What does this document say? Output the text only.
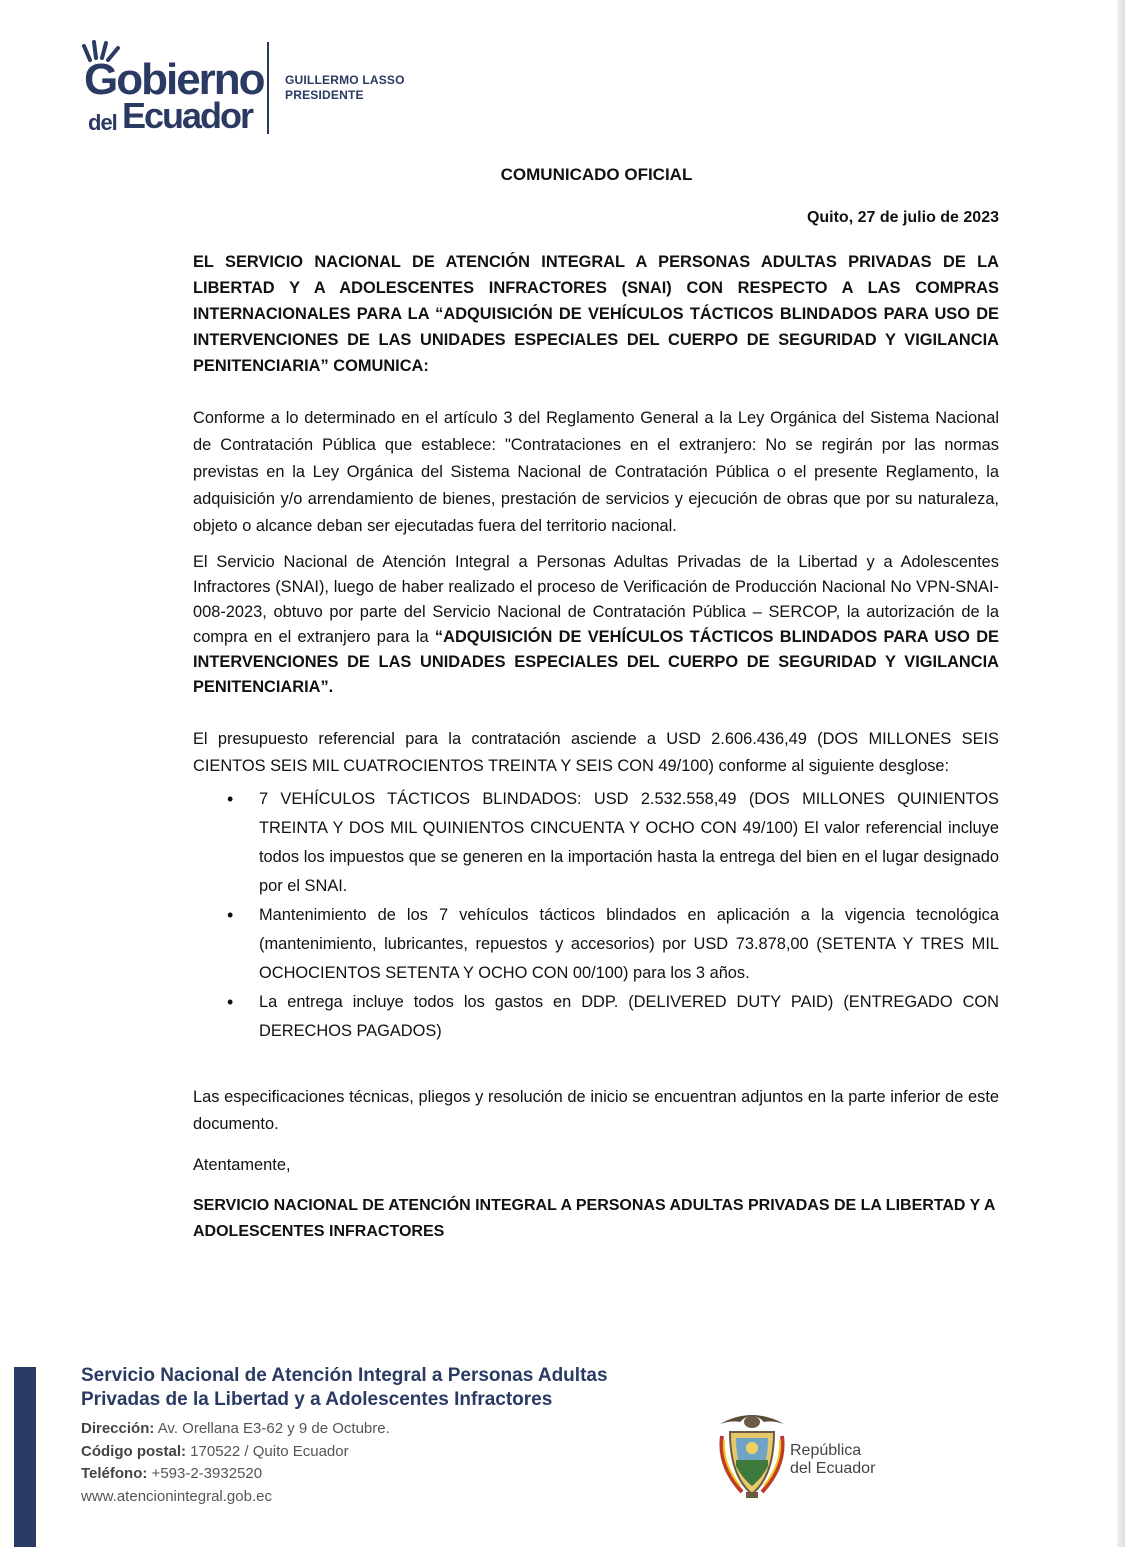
Gobierno
del Ecuador
GUILLERMO LASSO
PRESIDENTE
COMUNICADO OFICIAL
Quito, 27 de julio de 2023

EL SERVICIO NACIONAL DE ATENCIÓN INTEGRAL A PERSONAS ADULTAS PRIVADAS DE LA LIBERTAD Y A ADOLESCENTES INFRACTORES (SNAI) CON RESPECTO A LAS COMPRAS INTERNACIONALES PARA LA “ADQUISICIÓN DE VEHÍCULOS TÁCTICOS BLINDADOS PARA USO DE INTERVENCIONES DE LAS UNIDADES ESPECIALES DEL CUERPO DE SEGURIDAD Y VIGILANCIA PENITENCIARIA” COMUNICA:

Conforme a lo determinado en el artículo 3 del Reglamento General a la Ley Orgánica del Sistema Nacional de Contratación Pública que establece: "Contrataciones en el extranjero: No se regirán por las normas previstas en la Ley Orgánica del Sistema Nacional de Contratación Pública o el presente Reglamento, la adquisición y/o arrendamiento de bienes, prestación de servicios y ejecución de obras que por su naturaleza, objeto o alcance deban ser ejecutadas fuera del territorio nacional.

El Servicio Nacional de Atención Integral a Personas Adultas Privadas de la Libertad y a Adolescentes Infractores (SNAI), luego de haber realizado el proceso de Verificación de Producción Nacional No VPN-SNAI-008-2023, obtuvo por parte del Servicio Nacional de Contratación Pública – SERCOP, la autorización de la compra en el extranjero para la “ADQUISICIÓN DE VEHÍCULOS TÁCTICOS BLINDADOS PARA USO DE INTERVENCIONES DE LAS UNIDADES ESPECIALES DEL CUERPO DE SEGURIDAD Y VIGILANCIA PENITENCIARIA”.

El presupuesto referencial para la contratación asciende a USD 2.606.436,49 (DOS MILLONES SEIS CIENTOS SEIS MIL CUATROCIENTOS TREINTA Y SEIS CON 49/100) conforme al siguiente desglose:

• 7 VEHÍCULOS TÁCTICOS BLINDADOS: USD 2.532.558,49 (DOS MILLONES QUINIENTOS TREINTA Y DOS MIL QUINIENTOS CINCUENTA Y OCHO CON 49/100) El valor referencial incluye todos los impuestos que se generen en la importación hasta la entrega del bien en el lugar designado por el SNAI.
• Mantenimiento de los 7 vehículos tácticos blindados en aplicación a la vigencia tecnológica (mantenimiento, lubricantes, repuestos y accesorios) por USD 73.878,00 (SETENTA Y TRES MIL OCHOCIENTOS SETENTA Y OCHO CON 00/100) para los 3 años.
• La entrega incluye todos los gastos en DDP. (DELIVERED DUTY PAID) (ENTREGADO CON DERECHOS PAGADOS)

Las especificaciones técnicas, pliegos y resolución de inicio se encuentran adjuntos en la parte inferior de este documento.

Atentamente,

SERVICIO NACIONAL DE ATENCIÓN INTEGRAL A PERSONAS ADULTAS PRIVADAS DE LA LIBERTAD Y A ADOLESCENTES INFRACTORES

Servicio Nacional de Atención Integral a Personas Adultas
Privadas de la Libertad y a Adolescentes Infractores
Dirección: Av. Orellana E3-62 y 9 de Octubre.
Código postal: 170522 / Quito Ecuador
Teléfono: +593-2-3932520
www.atencionintegral.gob.ec
República
del Ecuador
